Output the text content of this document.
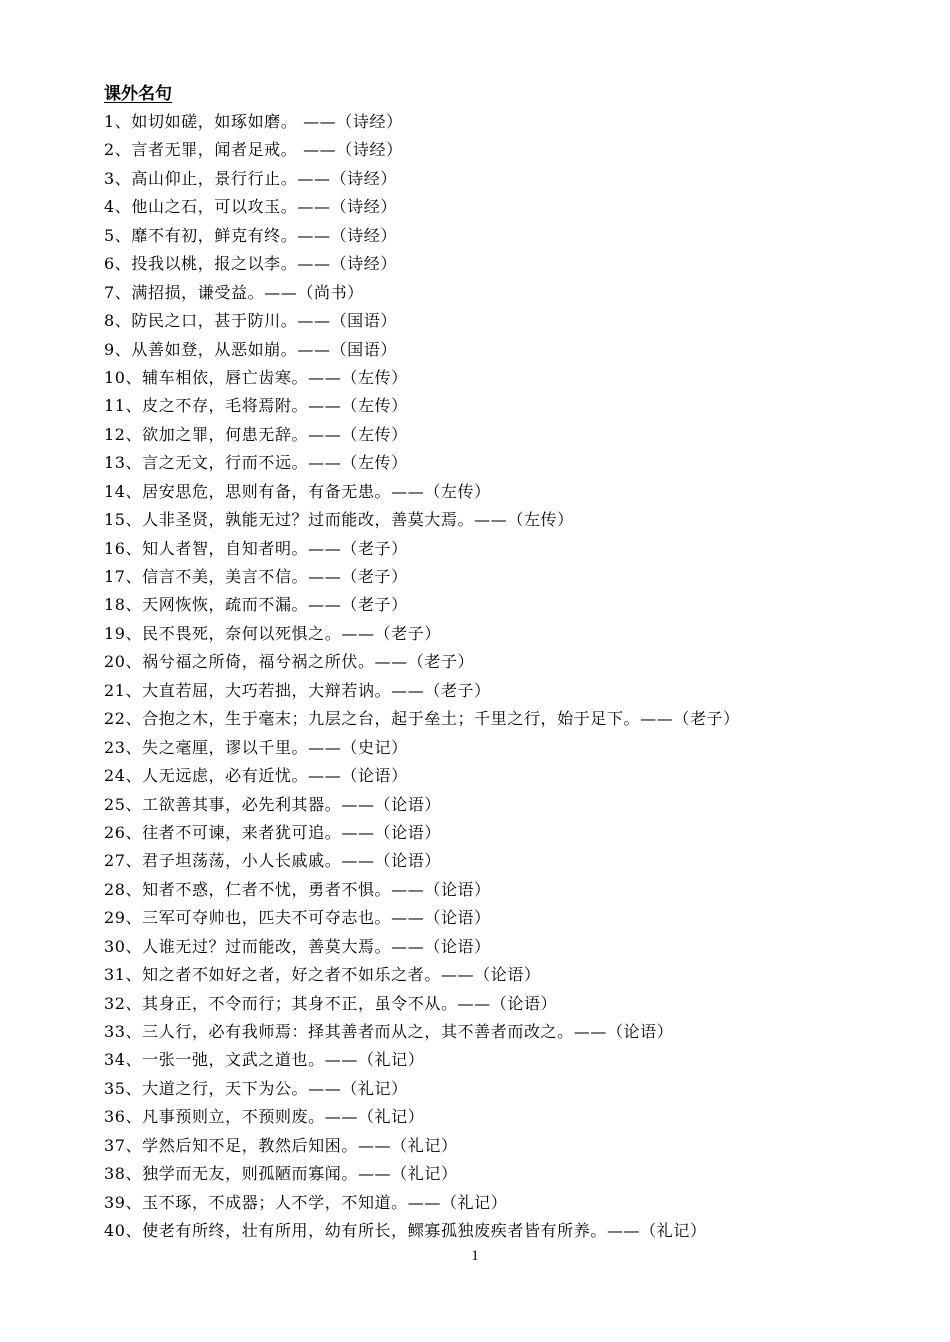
课外名句
1、如切如磋，如琢如磨。 ——（诗经）
2、言者无罪，闻者足戒。 ——（诗经）
3、高山仰止，景行行止。——（诗经）
4、他山之石，可以攻玉。——（诗经）
5、靡不有初，鲜克有终。——（诗经）
6、投我以桃，报之以李。——（诗经）
7、满招损，谦受益。——（尚书）
8、防民之口，甚于防川。——（国语）
9、从善如登，从恶如崩。——（国语）
10、辅车相依，唇亡齿寒。——（左传）
11、皮之不存，毛将焉附。——（左传）
12、欲加之罪，何患无辞。——（左传）
13、言之无文，行而不远。——（左传）
14、居安思危，思则有备，有备无患。——（左传）
15、人非圣贤，孰能无过？过而能改，善莫大焉。——（左传）
16、知人者智，自知者明。——（老子）
17、信言不美，美言不信。——（老子）
18、天网恢恢，疏而不漏。——（老子）
19、民不畏死，奈何以死惧之。——（老子）
20、祸兮福之所倚，福兮祸之所伏。——（老子）
21、大直若屈，大巧若拙，大辩若讷。——（老子）
22、合抱之木，生于毫末；九层之台，起于垒土；千里之行，始于足下。——（老子）
23、失之毫厘，谬以千里。——（史记）
24、人无远虑，必有近忧。——（论语）
25、工欲善其事，必先利其器。——（论语）
26、往者不可谏，来者犹可追。——（论语）
27、君子坦荡荡，小人长戚戚。——（论语）
28、知者不惑，仁者不忧，勇者不惧。——（论语）
29、三军可夺帅也，匹夫不可夺志也。——（论语）
30、人谁无过？过而能改，善莫大焉。——（论语）
31、知之者不如好之者，好之者不如乐之者。——（论语）
32、其身正，不令而行；其身不正，虽令不从。——（论语）
33、三人行，必有我师焉：择其善者而从之，其不善者而改之。——（论语）
34、一张一弛，文武之道也。——（礼记）
35、大道之行，天下为公。——（礼记）
36、凡事预则立，不预则废。——（礼记）
37、学然后知不足，教然后知困。——（礼记）
38、独学而无友，则孤陋而寡闻。——（礼记）
39、玉不琢，不成器；人不学，不知道。——（礼记）
40、使老有所终，壮有所用，幼有所长，鳏寡孤独废疾者皆有所养。——（礼记）
1
